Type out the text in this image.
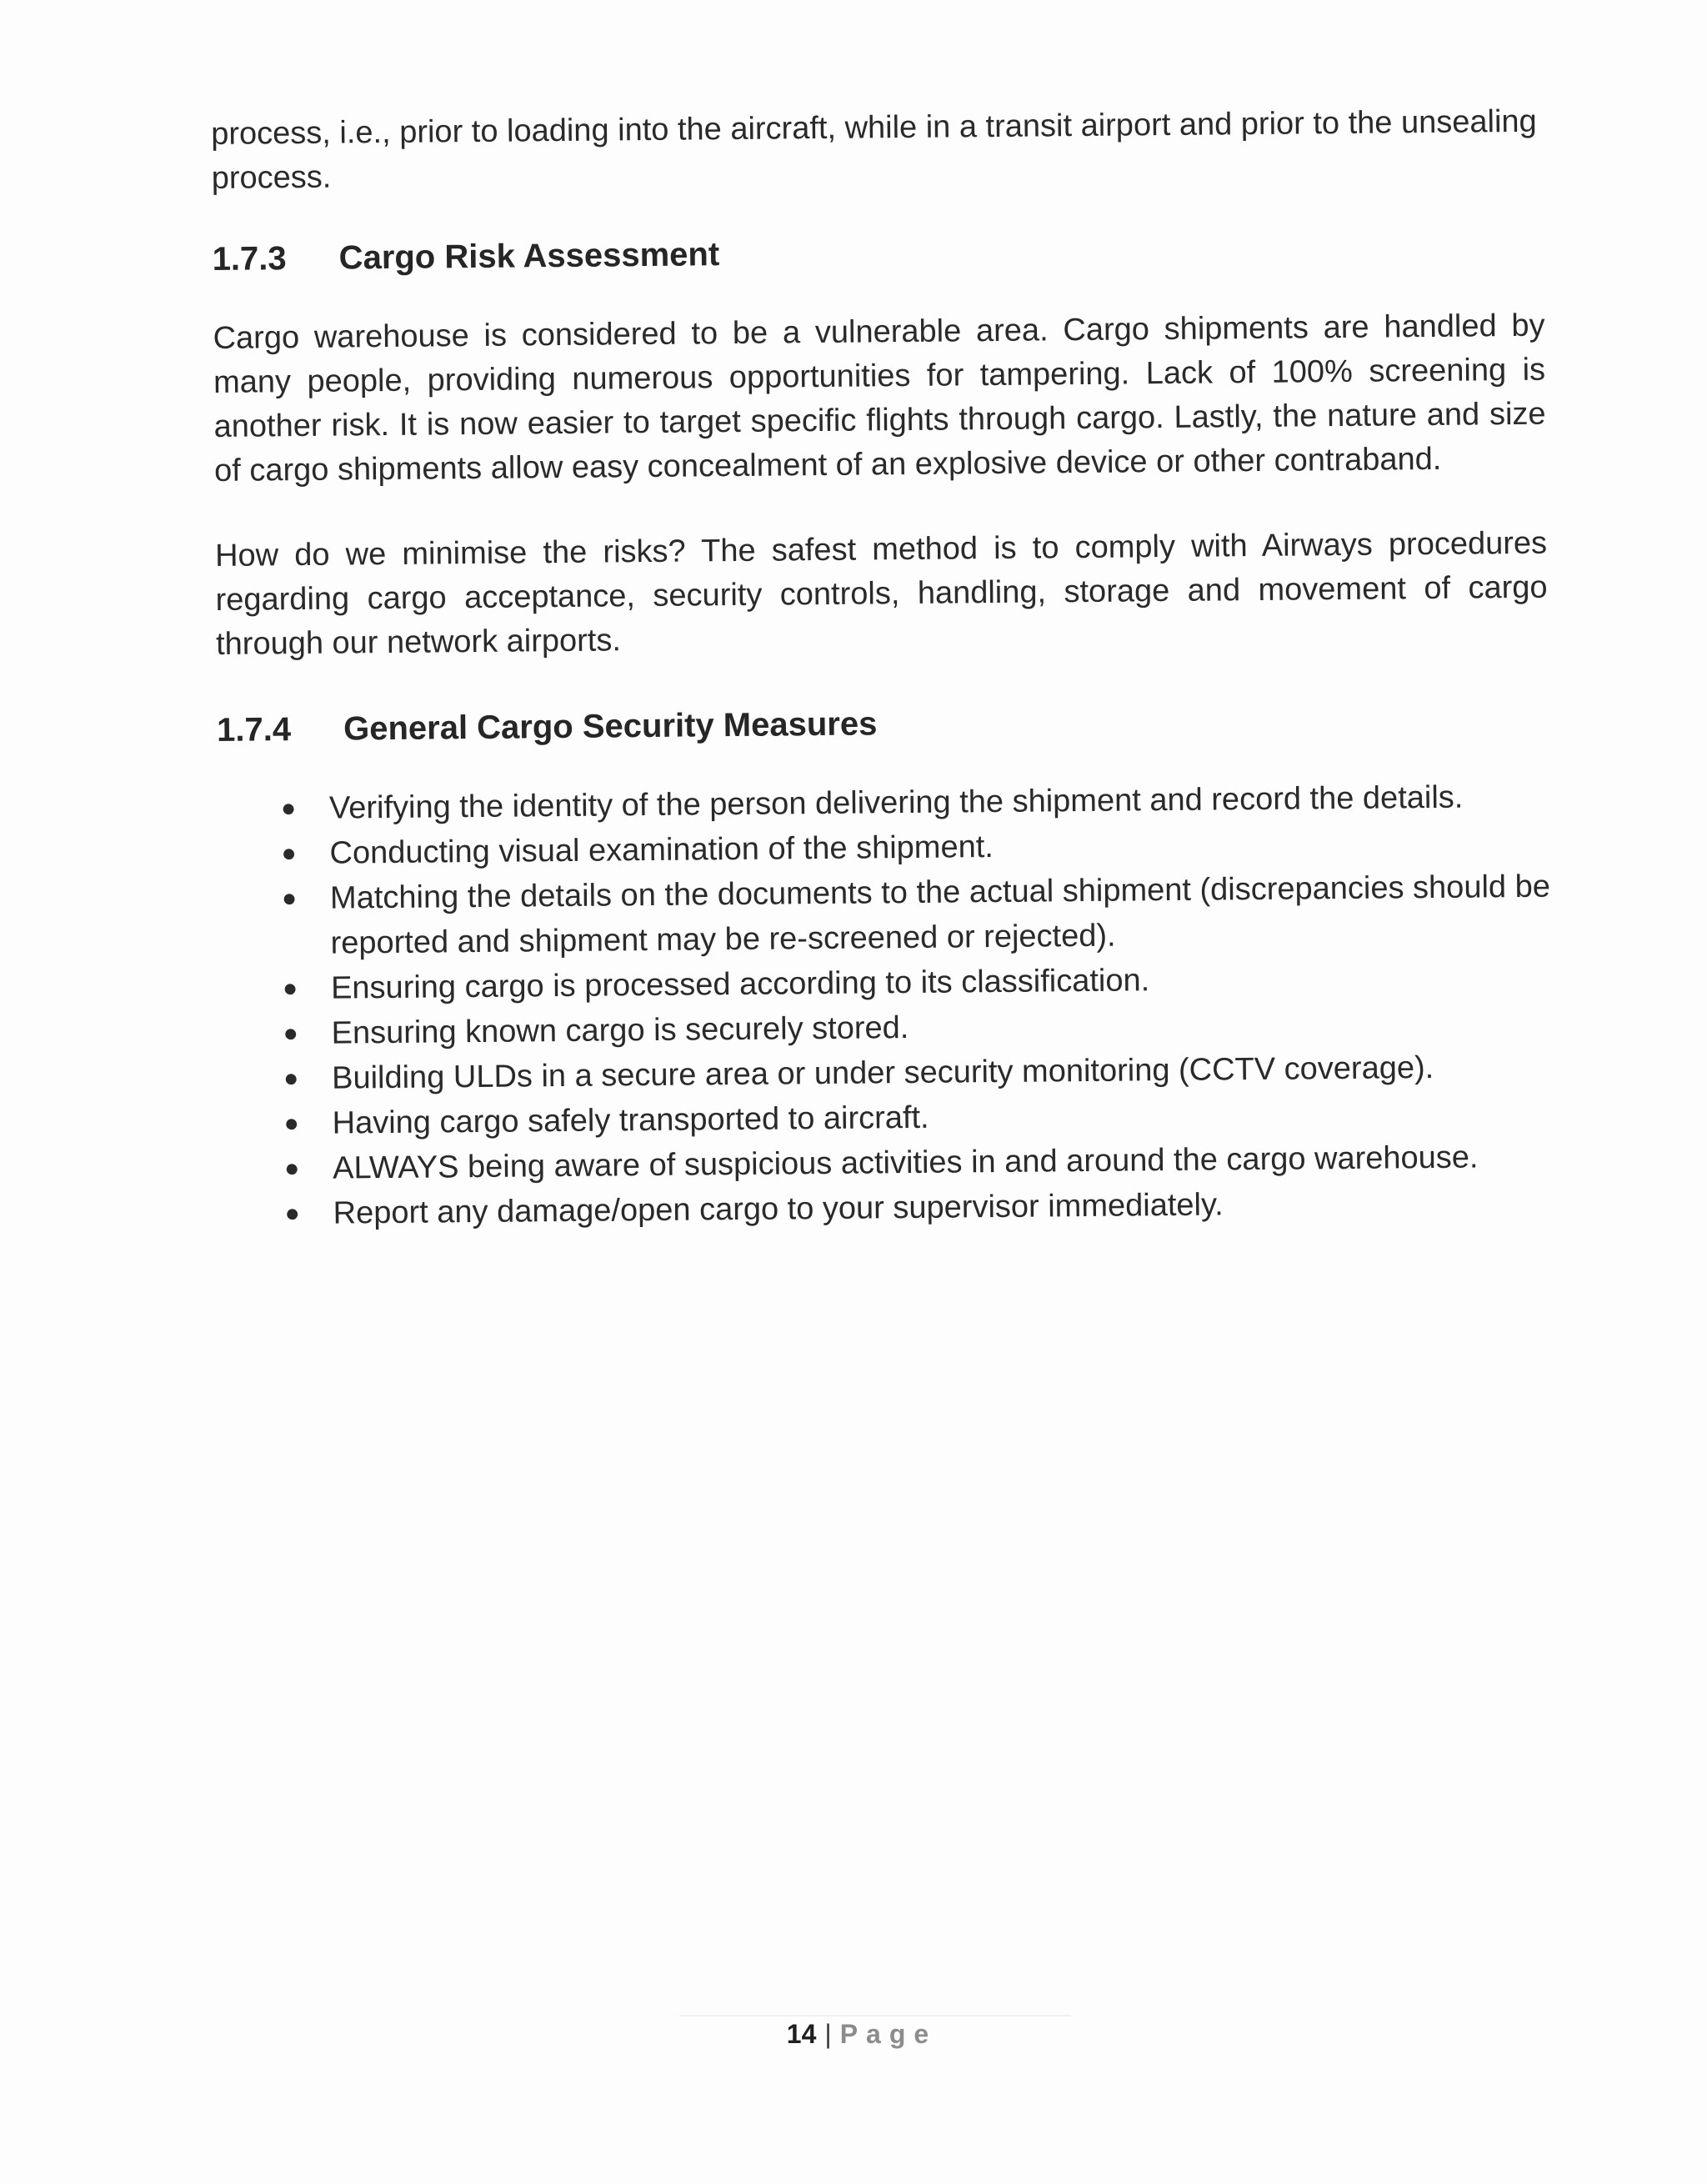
process, i.e., prior to loading into the aircraft, while in a transit airport and prior to the unsealing process.

1.7.3	Cargo Risk Assessment

Cargo warehouse is considered to be a vulnerable area. Cargo shipments are handled by many people, providing numerous opportunities for tampering. Lack of 100% screening is another risk. It is now easier to target specific flights through cargo. Lastly, the nature and size of cargo shipments allow easy concealment of an explosive device or other contraband.

How do we minimise the risks? The safest method is to comply with Airways procedures regarding cargo acceptance, security controls, handling, storage and movement of cargo through our network airports.

1.7.4	General Cargo Security Measures
● Verifying the identity of the person delivering the shipment and record the details.
● Conducting visual examination of the shipment.
● Matching the details on the documents to the actual shipment (discrepancies should be reported and shipment may be re-screened or rejected).
● Ensuring cargo is processed according to its classification.
● Ensuring known cargo is securely stored.
● Building ULDs in a secure area or under security monitoring (CCTV coverage).
● Having cargo safely transported to aircraft.
● ALWAYS being aware of suspicious activities in and around the cargo warehouse.
● Report any damage/open cargo to your supervisor immediately.
14 | Page
